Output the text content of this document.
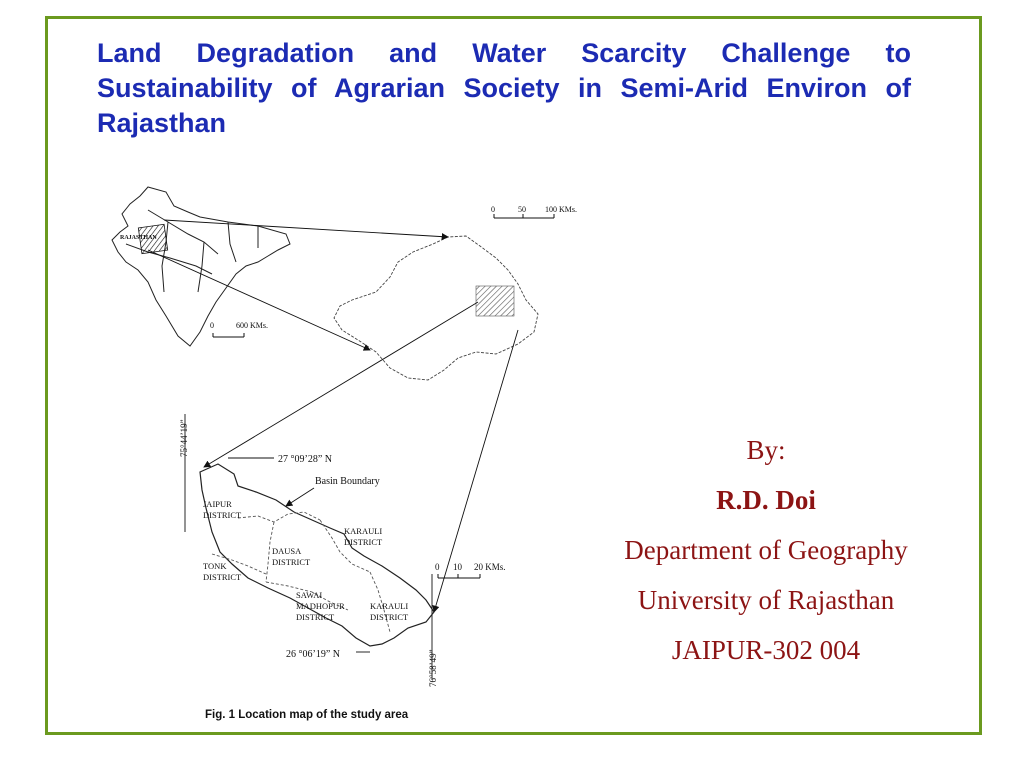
Land Degradation and Water Scarcity Challenge to Sustainability of Agrarian Society in Semi-Arid Environ of Rajasthan
RAJASTHAN
0	600 KMs.
0	50 100 KMs.
75°44’19”
76°58’49”
27 °09’28” N
26 °06’19” N
Basin Boundary
JAIPUR
DISTRICT
KARAULI
DISTRICT
DAUSA
DISTRICT
TONK
DISTRICT
SAWAI
MADHOPUR
DISTRICT
KARAULI
DISTRICT
0 10 20 KMs.

Fig. 1 Location map of the study area

By:
R.D. Doi
Department of Geography
University of Rajasthan
JAIPUR-302 004
